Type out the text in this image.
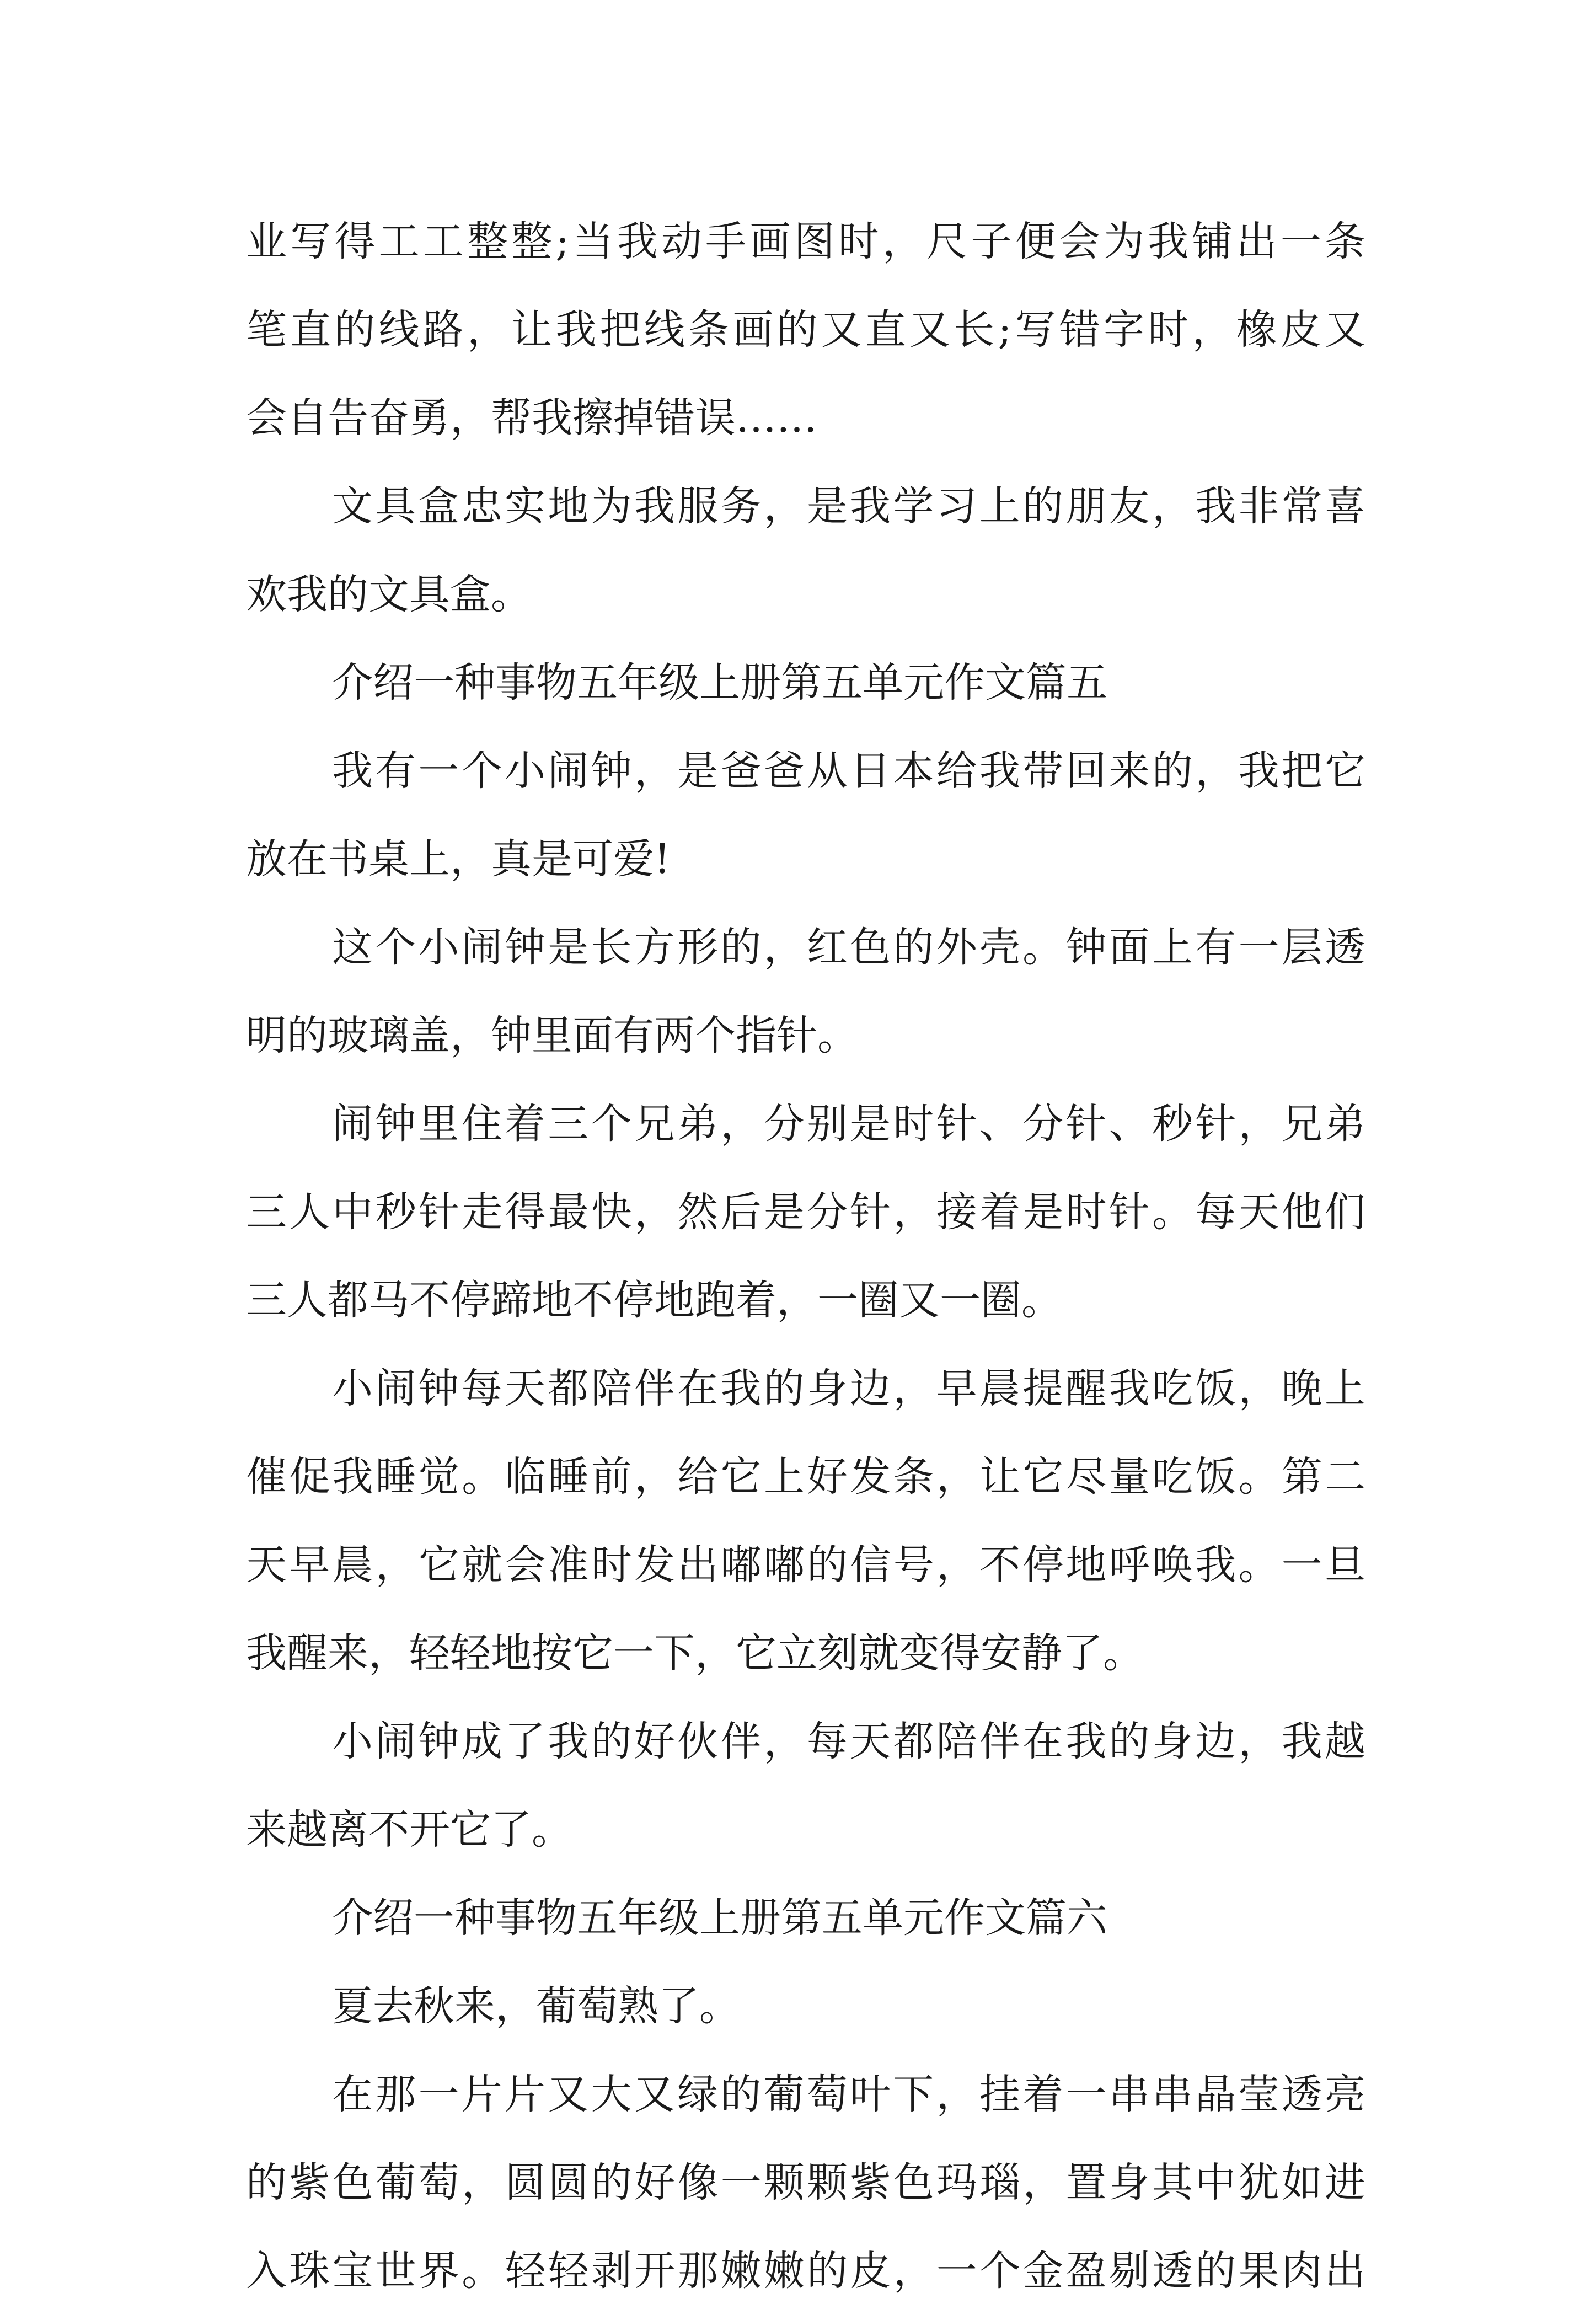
业写得工工整整;当我动手画图时，尺子便会为我铺出一条
笔直的线路，让我把线条画的又直又长;写错字时，橡皮又
会自告奋勇，帮我擦掉错误……
文具盒忠实地为我服务，是我学习上的朋友，我非常喜
欢我的文具盒。
介绍一种事物五年级上册第五单元作文篇五
我有一个小闹钟，是爸爸从日本给我带回来的，我把它
放在书桌上，真是可爱!
这个小闹钟是长方形的，红色的外壳。钟面上有一层透
明的玻璃盖，钟里面有两个指针。
闹钟里住着三个兄弟，分别是时针、分针、秒针，兄弟
三人中秒针走得最快，然后是分针，接着是时针。每天他们
三人都马不停蹄地不停地跑着，一圈又一圈。
小闹钟每天都陪伴在我的身边，早晨提醒我吃饭，晚上
催促我睡觉。临睡前，给它上好发条，让它尽量吃饭。第二
天早晨，它就会准时发出嘟嘟的信号，不停地呼唤我。一旦
我醒来，轻轻地按它一下，它立刻就变得安静了。
小闹钟成了我的好伙伴，每天都陪伴在我的身边，我越
来越离不开它了。
介绍一种事物五年级上册第五单元作文篇六
夏去秋来，葡萄熟了。
在那一片片又大又绿的葡萄叶下，挂着一串串晶莹透亮
的紫色葡萄，圆圆的好像一颗颗紫色玛瑙，置身其中犹如进
入珠宝世界。轻轻剥开那嫩嫩的皮，一个金盈剔透的果肉出
